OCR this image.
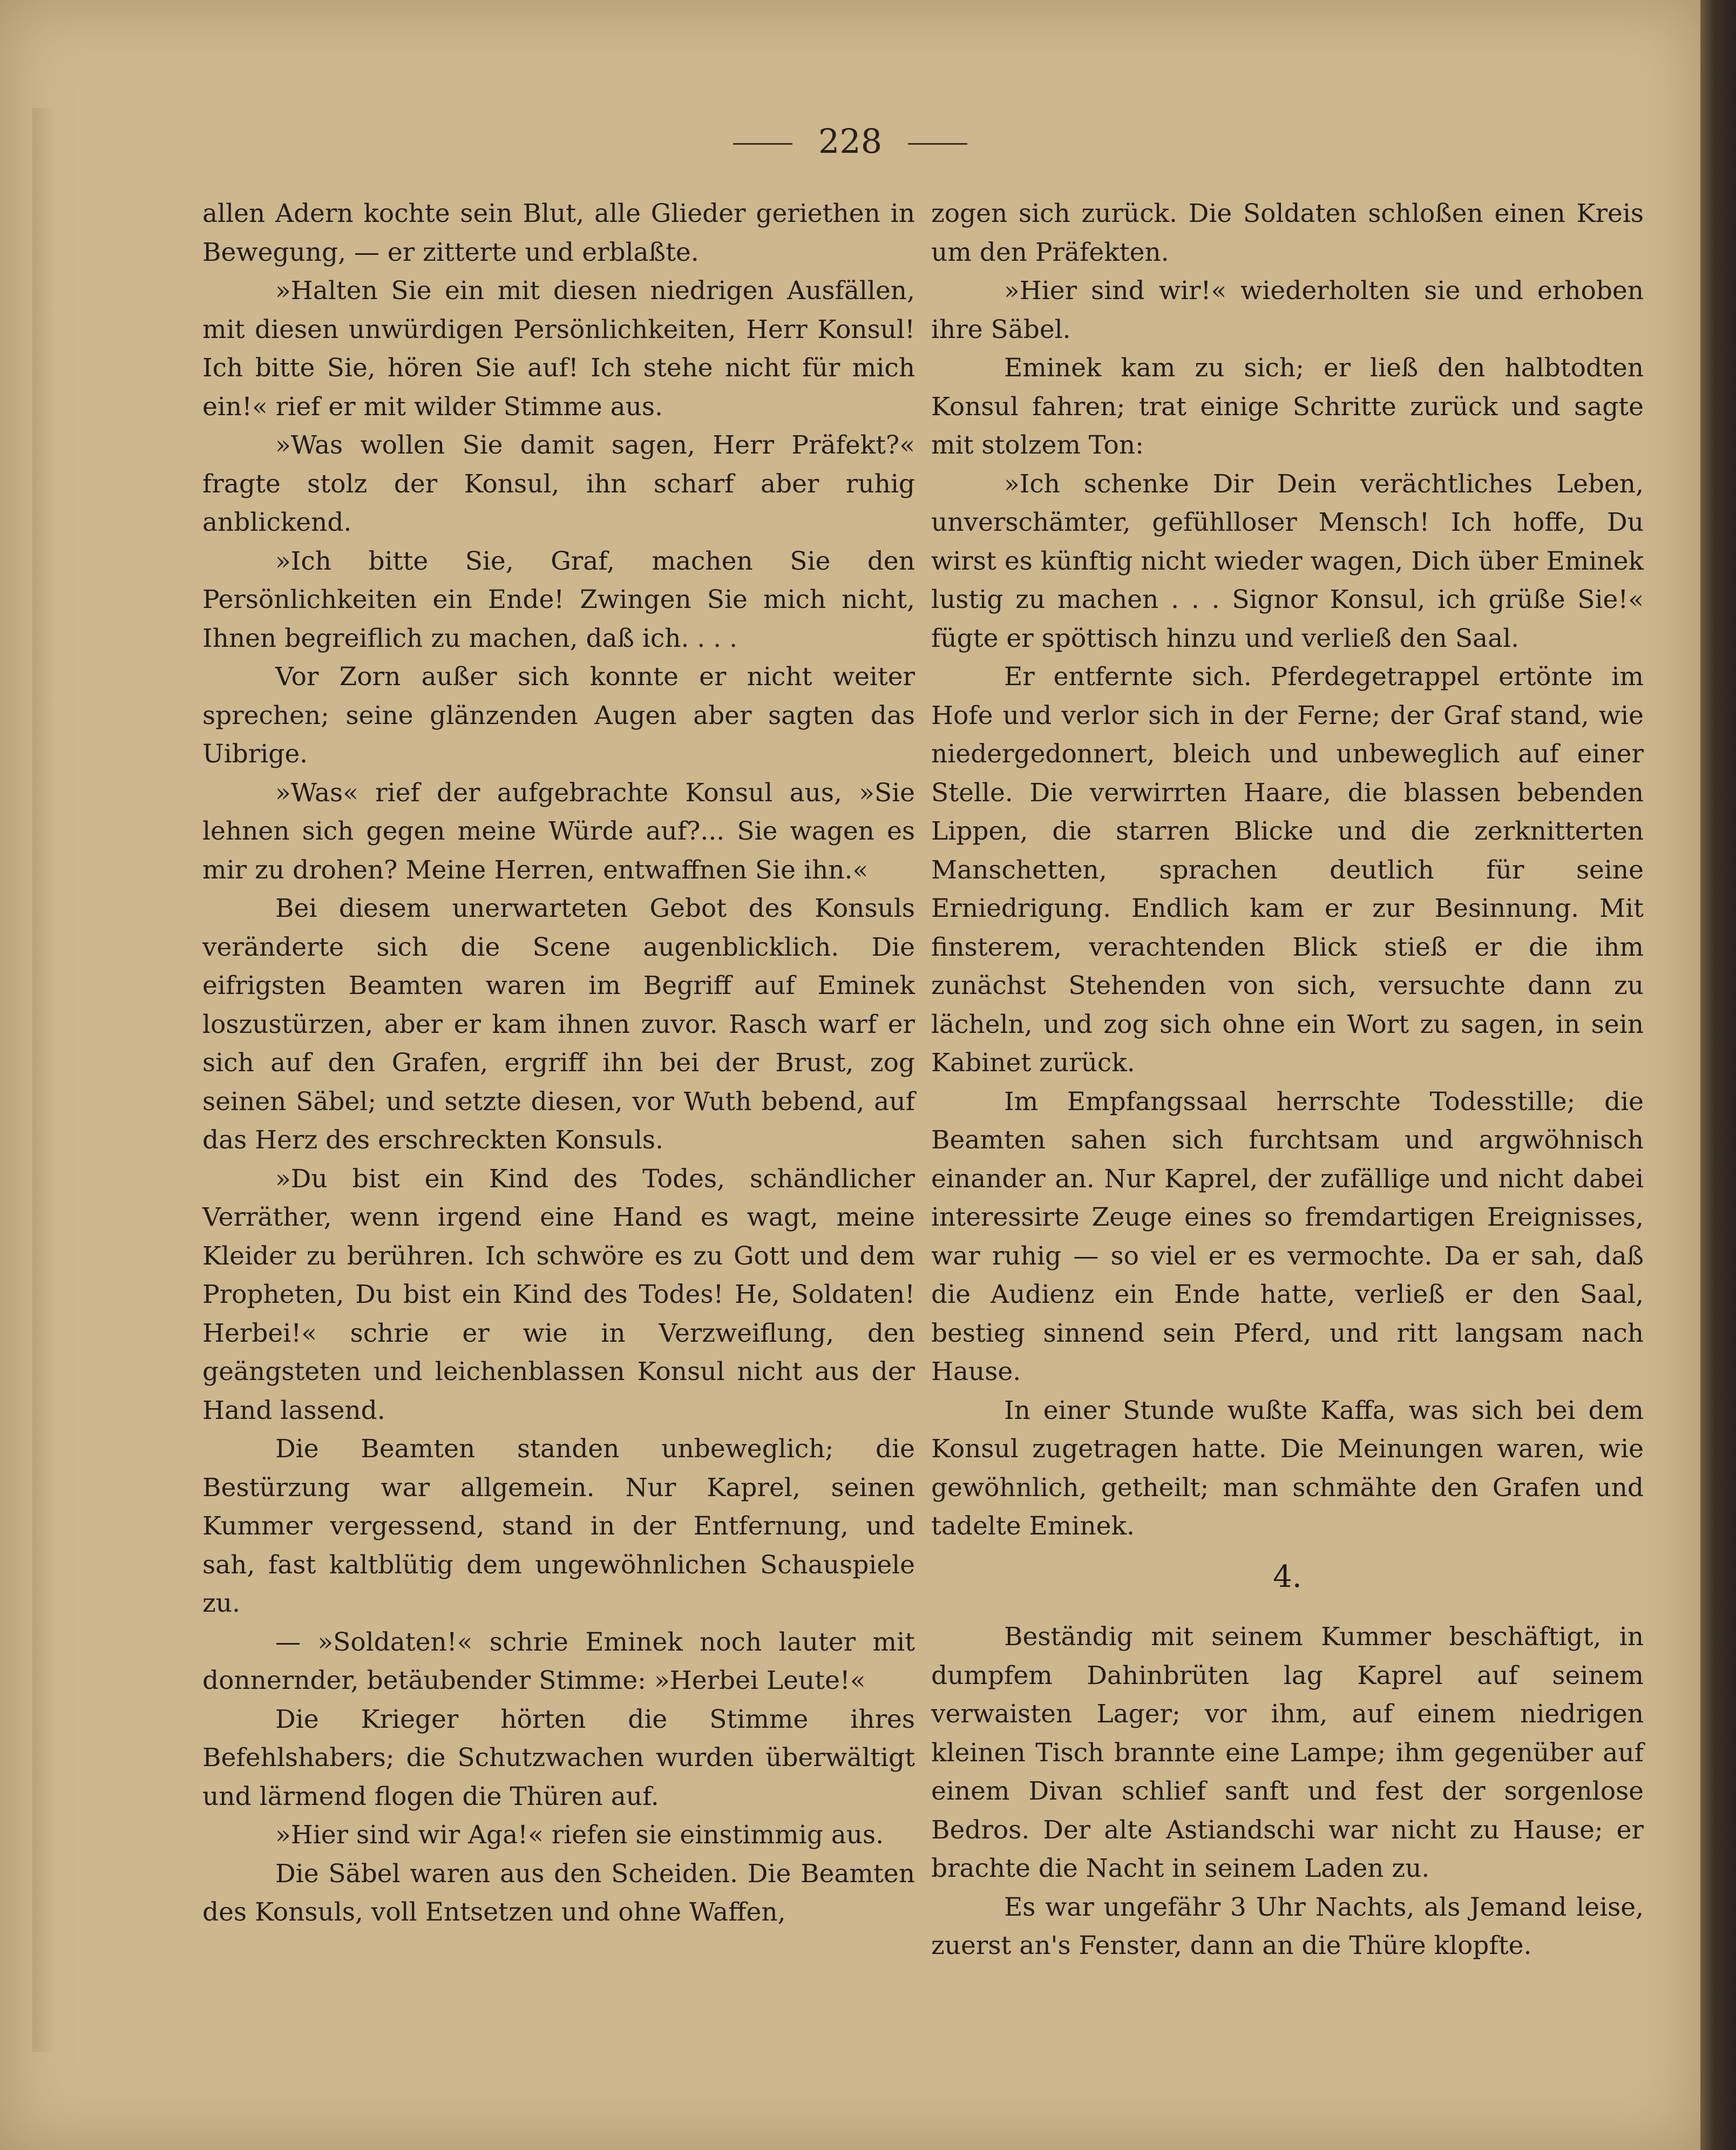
228

allen Adern kochte sein Blut, alle Glieder geriethen in Bewegung, — er zitterte und erblaßte.

»Halten Sie ein mit diesen niedrigen Ausfällen, mit diesen unwürdigen Persönlichkeiten, Herr Konsul! Ich bitte Sie, hören Sie auf! Ich stehe nicht für mich ein!« rief er mit wilder Stimme aus.

»Was wollen Sie damit sagen, Herr Präfekt?« fragte stolz der Konsul, ihn scharf aber ruhig anblickend.

»Ich bitte Sie, Graf, machen Sie den Persönlichkeiten ein Ende! Zwingen Sie mich nicht, Ihnen begreiflich zu machen, daß ich. . . .

Vor Zorn außer sich konnte er nicht weiter sprechen; seine glänzenden Augen aber sagten das Uibrige.

»Was« rief der aufgebrachte Konsul aus, »Sie lehnen sich gegen meine Würde auf?... Sie wagen es mir zu drohen? Meine Herren, entwaffnen Sie ihn.«

Bei diesem unerwarteten Gebot des Konsuls veränderte sich die Scene augenblicklich. Die eifrigsten Beamten waren im Begriff auf Eminek loszustürzen, aber er kam ihnen zuvor. Rasch warf er sich auf den Grafen, ergriff ihn bei der Brust, zog seinen Säbel; und setzte diesen, vor Wuth bebend, auf das Herz des erschreckten Konsuls.

»Du bist ein Kind des Todes, schändlicher Verräther, wenn irgend eine Hand es wagt, meine Kleider zu berühren. Ich schwöre es zu Gott und dem Propheten, Du bist ein Kind des Todes! He, Soldaten! Herbei!« schrie er wie in Verzweiflung, den geängsteten und leichenblassen Konsul nicht aus der Hand lassend.

Die Beamten standen unbeweglich; die Bestürzung war allgemein. Nur Kaprel, seinen Kummer vergessend, stand in der Entfernung, und sah, fast kaltblütig dem ungewöhnlichen Schauspiele zu.

— »Soldaten!« schrie Eminek noch lauter mit donnernder, betäubender Stimme: »Herbei Leute!«

Die Krieger hörten die Stimme ihres Befehlshabers; die Schutzwachen wurden überwältigt und lärmend flogen die Thüren auf.

»Hier sind wir Aga!« riefen sie einstimmig aus.

Die Säbel waren aus den Scheiden. Die Beamten des Konsuls, voll Entsetzen und ohne Waffen,

zogen sich zurück. Die Soldaten schloßen einen Kreis um den Präfekten.

»Hier sind wir!« wiederholten sie und erhoben ihre Säbel.

Eminek kam zu sich; er ließ den halbtodten Konsul fahren; trat einige Schritte zurück und sagte mit stolzem Ton:

»Ich schenke Dir Dein verächtliches Leben, unverschämter, gefühlloser Mensch! Ich hoffe, Du wirst es künftig nicht wieder wagen, Dich über Eminek lustig zu machen . . . Signor Konsul, ich grüße Sie!« fügte er spöttisch hinzu und verließ den Saal.

Er entfernte sich. Pferdegetrappel ertönte im Hofe und verlor sich in der Ferne; der Graf stand, wie niedergedonnert, bleich und unbeweglich auf einer Stelle. Die verwirrten Haare, die blassen bebenden Lippen, die starren Blicke und die zerknitterten Manschetten, sprachen deutlich für seine Erniedrigung. Endlich kam er zur Besinnung. Mit finsterem, verachtenden Blick stieß er die ihm zunächst Stehenden von sich, versuchte dann zu lächeln, und zog sich ohne ein Wort zu sagen, in sein Kabinet zurück.

Im Empfangssaal herrschte Todesstille; die Beamten sahen sich furchtsam und argwöhnisch einander an. Nur Kaprel, der zufällige und nicht dabei interessirte Zeuge eines so fremdartigen Ereignisses, war ruhig — so viel er es vermochte. Da er sah, daß die Audienz ein Ende hatte, verließ er den Saal, bestieg sinnend sein Pferd, und ritt langsam nach Hause.

In einer Stunde wußte Kaffa, was sich bei dem Konsul zugetragen hatte. Die Meinungen waren, wie gewöhnlich, getheilt; man schmähte den Grafen und tadelte Eminek.

4.

Beständig mit seinem Kummer beschäftigt, in dumpfem Dahinbrüten lag Kaprel auf seinem verwaisten Lager; vor ihm, auf einem niedrigen kleinen Tisch brannte eine Lampe; ihm gegenüber auf einem Divan schlief sanft und fest der sorgenlose Bedros. Der alte Astiandschi war nicht zu Hause; er brachte die Nacht in seinem Laden zu.

Es war ungefähr 3 Uhr Nachts, als Jemand leise, zuerst an's Fenster, dann an die Thüre klopfte.
